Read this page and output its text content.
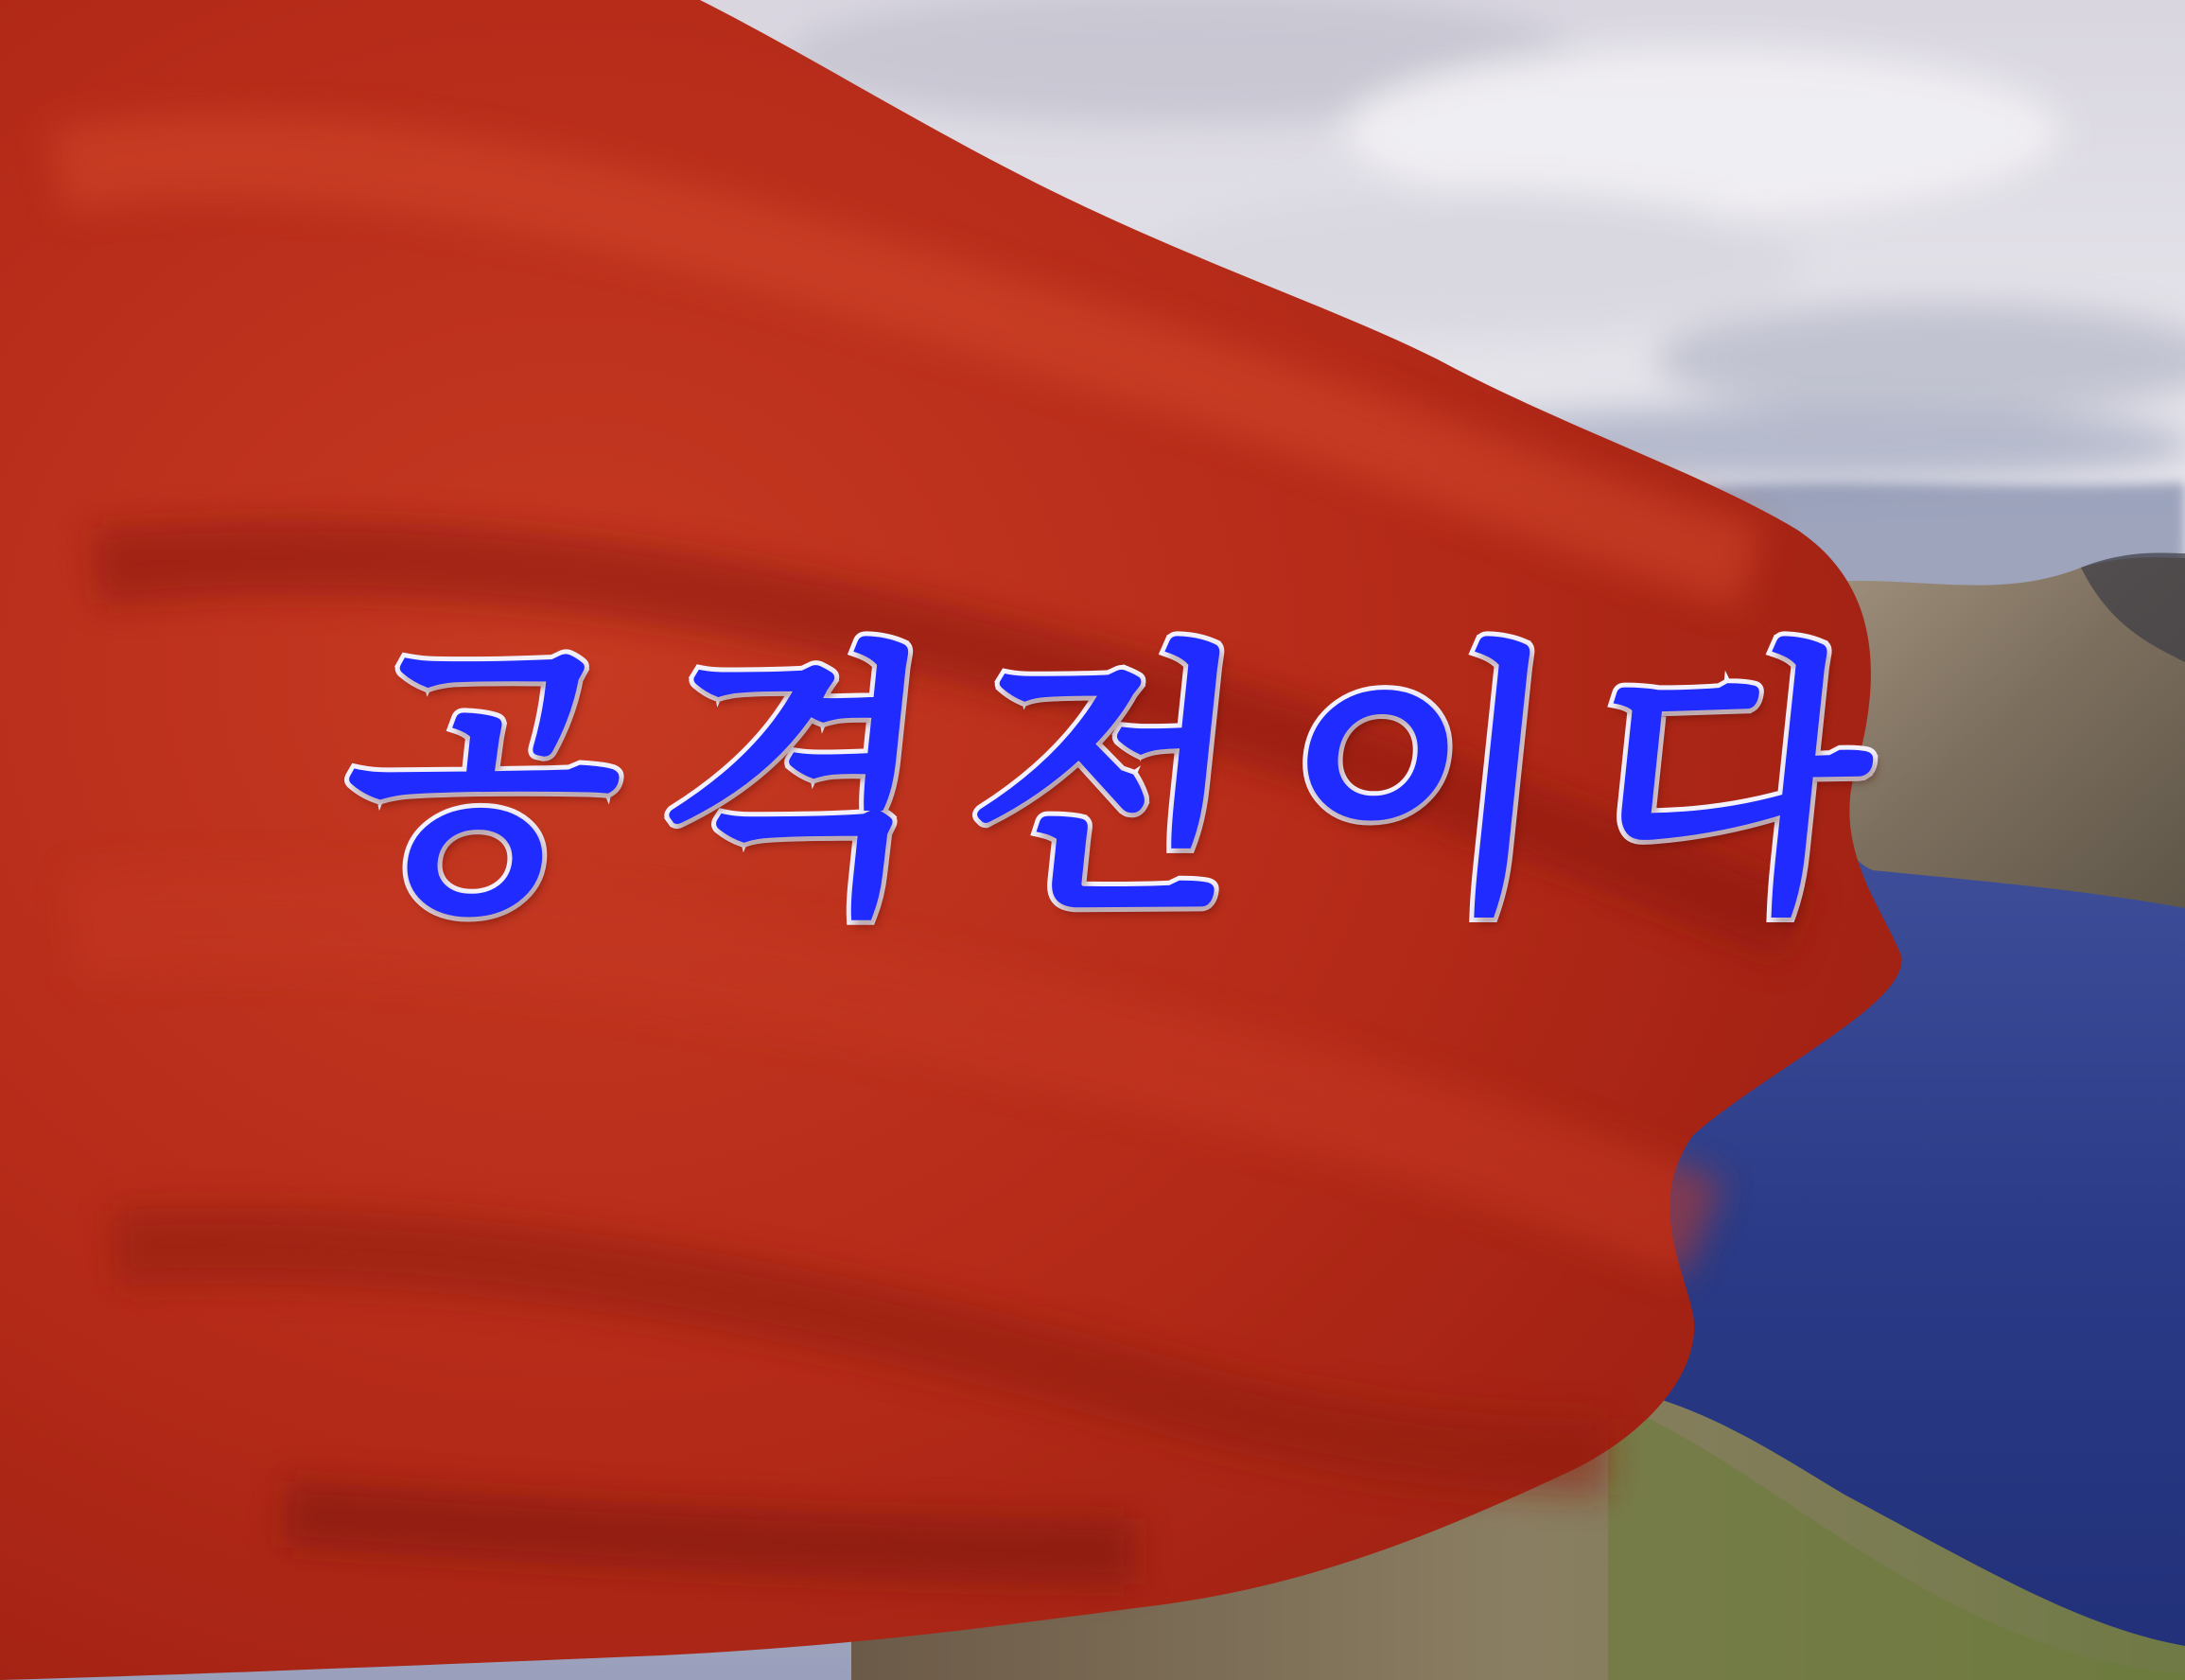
공격전이다
